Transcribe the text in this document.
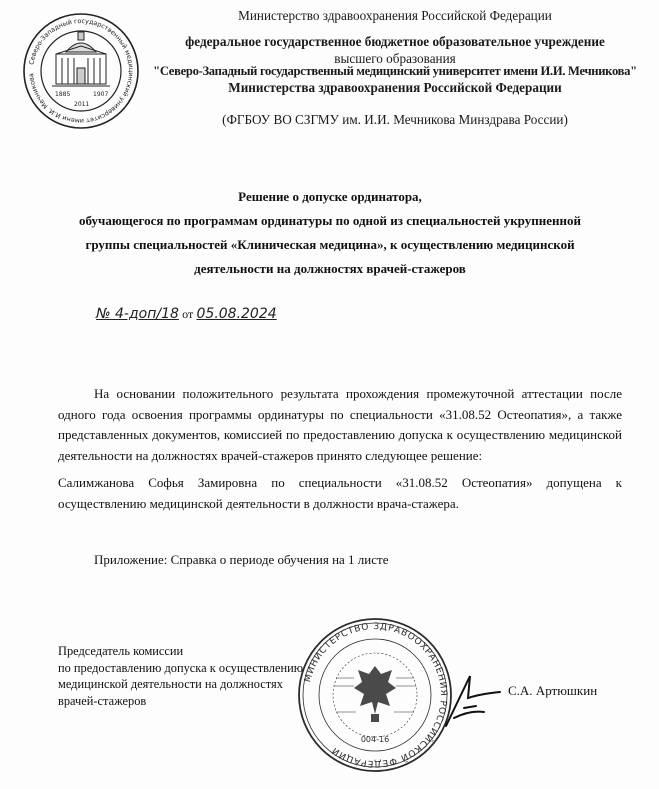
Северо-Западный государственный медицинский университет имени И.И. Мечникова
1885	1907
2011
Министерство здравоохранения Российской Федерации
федеральное государственное бюджетное образовательное учреждение
высшего образования
"Северо-Западный государственный медицинский университет имени И.И. Мечникова"
Министерства здравоохранения Российской Федерации
(ФГБОУ ВО СЗГМУ им. И.И. Мечникова Минздрава России)
Решение о допуске ординатора,
обучающегося по программам ординатуры по одной из специальностей укрупненной
группы специальностей «Клиническая медицина», к осуществлению медицинской
деятельности на должностях врачей-стажеров
№ 4-доп/18 от 05.08.2024
На основании положительного результата прохождения промежуточной аттестации после одного года освоения программы ординатуры по специальности «31.08.52 Остеопатия», а также представленных документов, комиссией по предоставлению допуска к осуществлению медицинской деятельности на должностях врачей-стажеров принято следующее решение:
Салимжанова Софья Замировна по специальности «31.08.52 Остеопатия» допущена к осуществлению медицинской деятельности в должности врача-стажера.
Приложение: Справка о периоде обучения на 1 листе
Председатель комиссии
по предоставлению допуска к осуществлению
медицинской деятельности на должностях
врачей-стажеров
МИНИСТЕРСТВО ЗДРАВООХРАНЕНИЯ РОССИЙСКОЙ ФЕДЕРАЦИИ
004-16
С.А. Артюшкин
